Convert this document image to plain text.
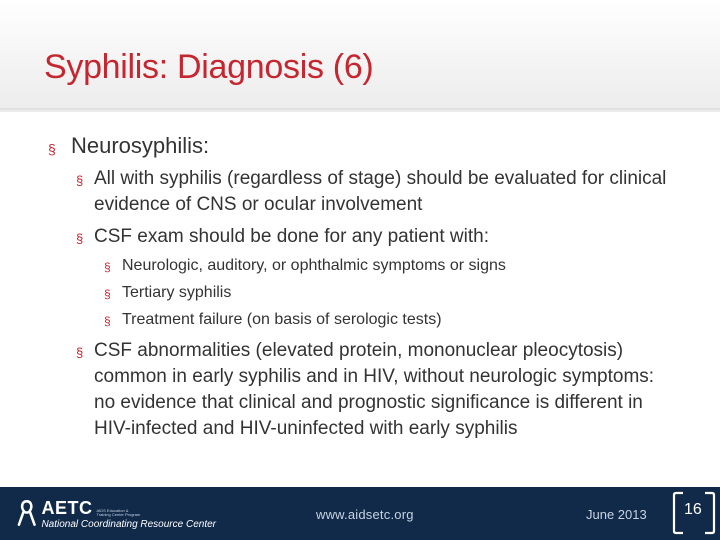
Syphilis: Diagnosis (6)
§ Neurosyphilis:
§ All with syphilis (regardless of stage) should be evaluated for clinical evidence of CNS or ocular involvement
§ CSF exam should be done for any patient with:
§ Neurologic, auditory, or ophthalmic symptoms or signs
§ Tertiary syphilis
§ Treatment failure (on basis of serologic tests)
§ CSF abnormalities (elevated protein, mononuclear pleocytosis) common in early syphilis and in HIV, without neurologic symptoms: no evidence that clinical and prognostic significance is different in HIV-infected and HIV-uninfected with early syphilis
AETC AIDS Education &
Training Center Program
National Coordinating Resource Center
www.aidsetc.org	June 2013 16
